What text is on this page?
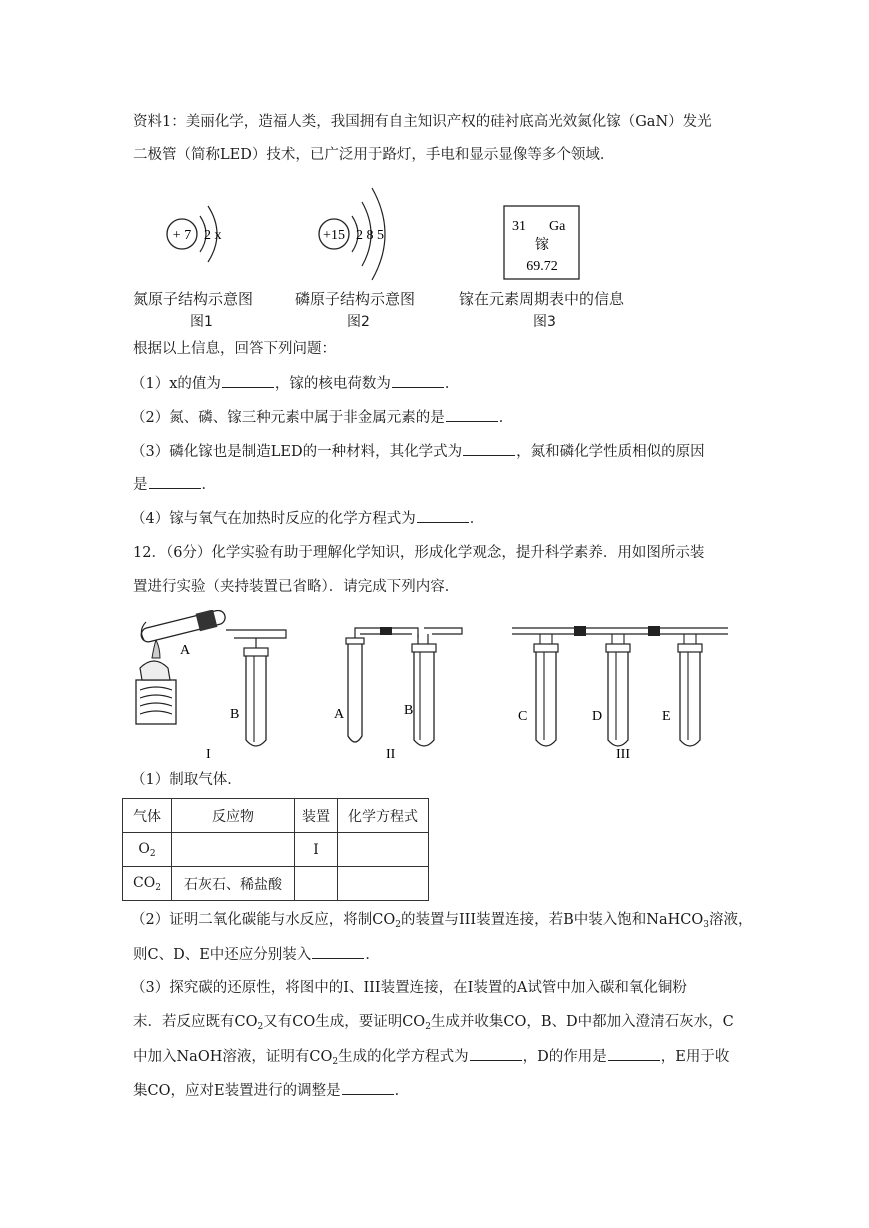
资料1：美丽化学，造福人类，我国拥有自主知识产权的硅衬底高光效氮化镓（GaN）发光
二极管（简称LED）技术，已广泛用于路灯，手电和显示显像等多个领域．
+ 7 2 x
氮原子结构示意图
图1
+15 2 8 5
磷原子结构示意图
图2
31 Ga
镓
69.72
镓在元素周期表中的信息
图3
根据以上信息，回答下列问题：
（1）x的值为	，镓的核电荷数为	．
（2）氮、磷、镓三种元素中属于非金属元素的是	．
（3）磷化镓也是制造LED的一种材料，其化学式为	，氮和磷化学性质相似的原因
是	．
（4）镓与氧气在加热时反应的化学方程式为	．
12．（6分）化学实验有助于理解化学知识，形成化学观念，提升科学素养．用如图所示装
置进行实验（夹持装置已省略）．请完成下列内容．
A
B
I
A	B
II
C	D	E
III
（1）制取气体．
气体	反应物	装置	化学方程式
$O_2$		I	
$CO_2$	石灰石、稀盐酸		
（2）证明二氧化碳能与水反应，将制$CO_2$的装置与III装置连接，若B中装入饱和NaHCO$_3$溶液，
则C、D、E中还应分别装入	．
（3）探究碳的还原性，将图中的I、III装置连接，在I装置的A试管中加入碳和氧化铜粉
末．若反应既有$CO_2$又有CO生成，要证明$CO_2$生成并收集CO，B、D中都加入澄清石灰水，C
中加入NaOH溶液，证明有$CO_2$生成的化学方程式为	，D的作用是	，E用于收
集CO，应对E装置进行的调整是	．
